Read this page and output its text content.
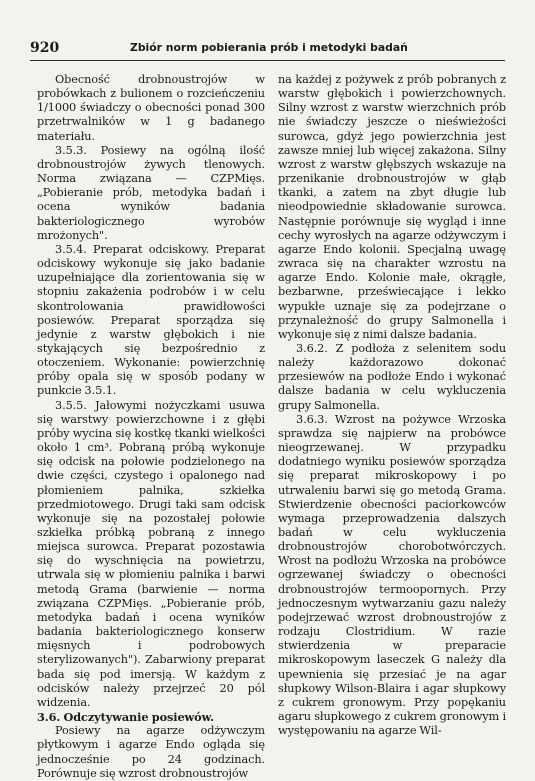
920	Zbiór norm pobierania prób i metodyki badań

Obecność drobnoustrojów w probówkach z bulionem o rozcieńczeniu 1/1000 świadczy o obecności ponad 300 przetrwalników w 1 g badanego materiału.

3.5.3. Posiewy na ogólną ilość drobnoustrojów żywych tlenowych. Norma związana — CZPMięs. „Pobieranie prób, metodyka badań i ocena wyników badania bakteriologicznego wyrobów mrożonych".

3.5.4. Preparat odciskowy. Preparat odciskowy wykonuje się jako badanie uzupełniające dla zorientowania się w stopniu zakażenia podrobów i w celu skontrolowania prawidłowości posiewów. Preparat sporządza się jedynie z warstw głębokich i nie stykających się bezpośrednio z otoczeniem. Wykonanie: powierzchnię próby opala się w sposób podany w punkcie 3.5.1.

3.5.5. Jałowymi nożyczkami usuwa się warstwy powierzchowne i z głębi próby wycina się kostkę tkanki wielkości około 1 cm³. Pobraną próbą wykonuje się odcisk na połowie podzielonego na dwie części, czystego i opalonego nad płomieniem palnika, szkiełka przedmiotowego. Drugi taki sam odcisk wykonuje się na pozostałej połowie szkiełka próbką pobraną z innego miejsca surowca. Preparat pozostawia się do wyschnięcia na powietrzu, utrwala się w płomieniu palnika i barwi metodą Grama (barwienie — norma związana CZPMięs. „Pobieranie prób, metodyka badań i ocena wyników badania bakteriologicznego konserw mięsnych i podrobowych sterylizowanych"). Zabarwiony preparat bada się pod imersją. W każdym z odcisków należy przejrzeć 20 pól widzenia.

3.6. Odczytywanie posiewów.

Posiewy na agarze odżywczym płytkowym i agarze Endo ogląda się jednocześnie po 24 godzinach. Porównuje się wzrost drobnoustrojów

na każdej z pożywek z prób pobranych z warstw głębokich i powierzchownych. Silny wzrost z warstw wierzchnich prób nie świadczy jeszcze o nieświeżości surowca, gdyż jego powierzchnia jest zawsze mniej lub więcej zakażona. Silny wzrost z warstw głębszych wskazuje na przenikanie drobnoustrojów w głąb tkanki, a zatem na zbyt długie lub nieodpowiednie składowanie surowca. Następnie porównuje się wygląd i inne cechy wyrosłych na agarze odżywczym i agarze Endo kolonii. Specjalną uwagę zwraca się na charakter wzrostu na agarze Endo. Kolonie małe, okrągłe, bezbarwne, przeświecające i lekko wypukłe uznaje się za podejrzane o przynależność do grupy Salmonella i wykonuje się z nimi dalsze badania.

3.6.2. Z podłoża z selenitem sodu należy każdorazowo dokonać przesiewów na podłoże Endo i wykonać dalsze badania w celu wykluczenia grupy Salmonella.

3.6.3. Wzrost na pożywce Wrzoska sprawdza się najpierw na probówce nieogrzewanej. W przypadku dodatniego wyniku posiewów sporządza się preparat mikroskopowy i po utrwaleniu barwi się go metodą Grama. Stwierdzenie obecności paciorkowców wymaga przeprowadzenia dalszych badań w celu wykluczenia drobnoustrojów chorobotwórczych. Wrost na podłożu Wrzoska na probówce ogrzewanej świadczy o obecności drobnoustrojów termoopornych. Przy jednoczesnym wytwarzaniu gazu należy podejrzewać wzrost drobnoustrojów z rodzaju Clostridium. W razie stwierdzenia w preparacie mikroskopowym laseczek G należy dla upewnienia się przesiać je na agar słupkowy Wilson-Blaira i agar słupkowy z cukrem gronowym. Przy popękaniu agaru słupkowego z cukrem gronowym i występowaniu na agarze Wil-
